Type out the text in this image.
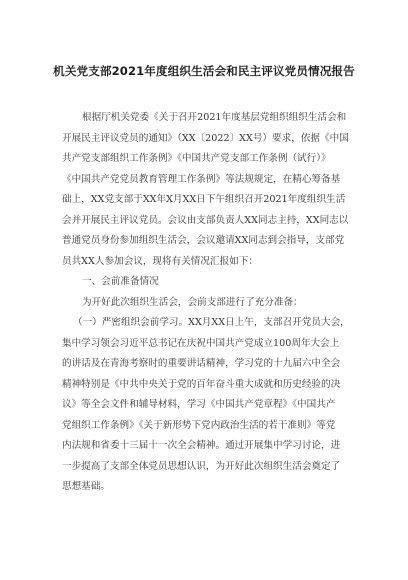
机关党支部2021年度组织生活会和民主评议党员情况报告
根据厅机关党委《关于召开2021年度基层党组织组织生活会和
开展民主评议党员的通知》（XX〔2022〕XX号）要求，依据《中国
共产党支部组织工作条例》《中国共产党支部工作条例（试行）》
《中国共产党党员教育管理工作条例》等法规规定，在精心筹备基
础上，XX党支部于XX年X月XX日下午组织召开2021年度组织生活
会并开展民主评议党员。会议由支部负责人XX同志主持，XX同志以
普通党员身份参加组织生活会，会议邀请XX同志到会指导，支部党
员共XX人参加会议，现将有关情况汇报如下：
一、会前准备情况
为开好此次组织生活会，会前支部进行了充分准备：
（一）严密组织会前学习。XX月XX日上午，支部召开党员大会，
集中学习领会习近平总书记在庆祝中国共产党成立100周年大会上
的讲话及在青海考察时的重要讲话精神，学习党的十九届六中全会
精神特别是《中共中央关于党的百年奋斗重大成就和历史经验的决
议》等全会文件和辅导材料，学习《中国共产党章程》《中国共产
党组织工作条例》《关于新形势下党内政治生活的若干准则》等党
内法规和省委十三届十一次全会精神。通过开展集中学习讨论，进
一步提高了支部全体党员思想认识，为开好此次组织生活会奠定了
思想基础。
